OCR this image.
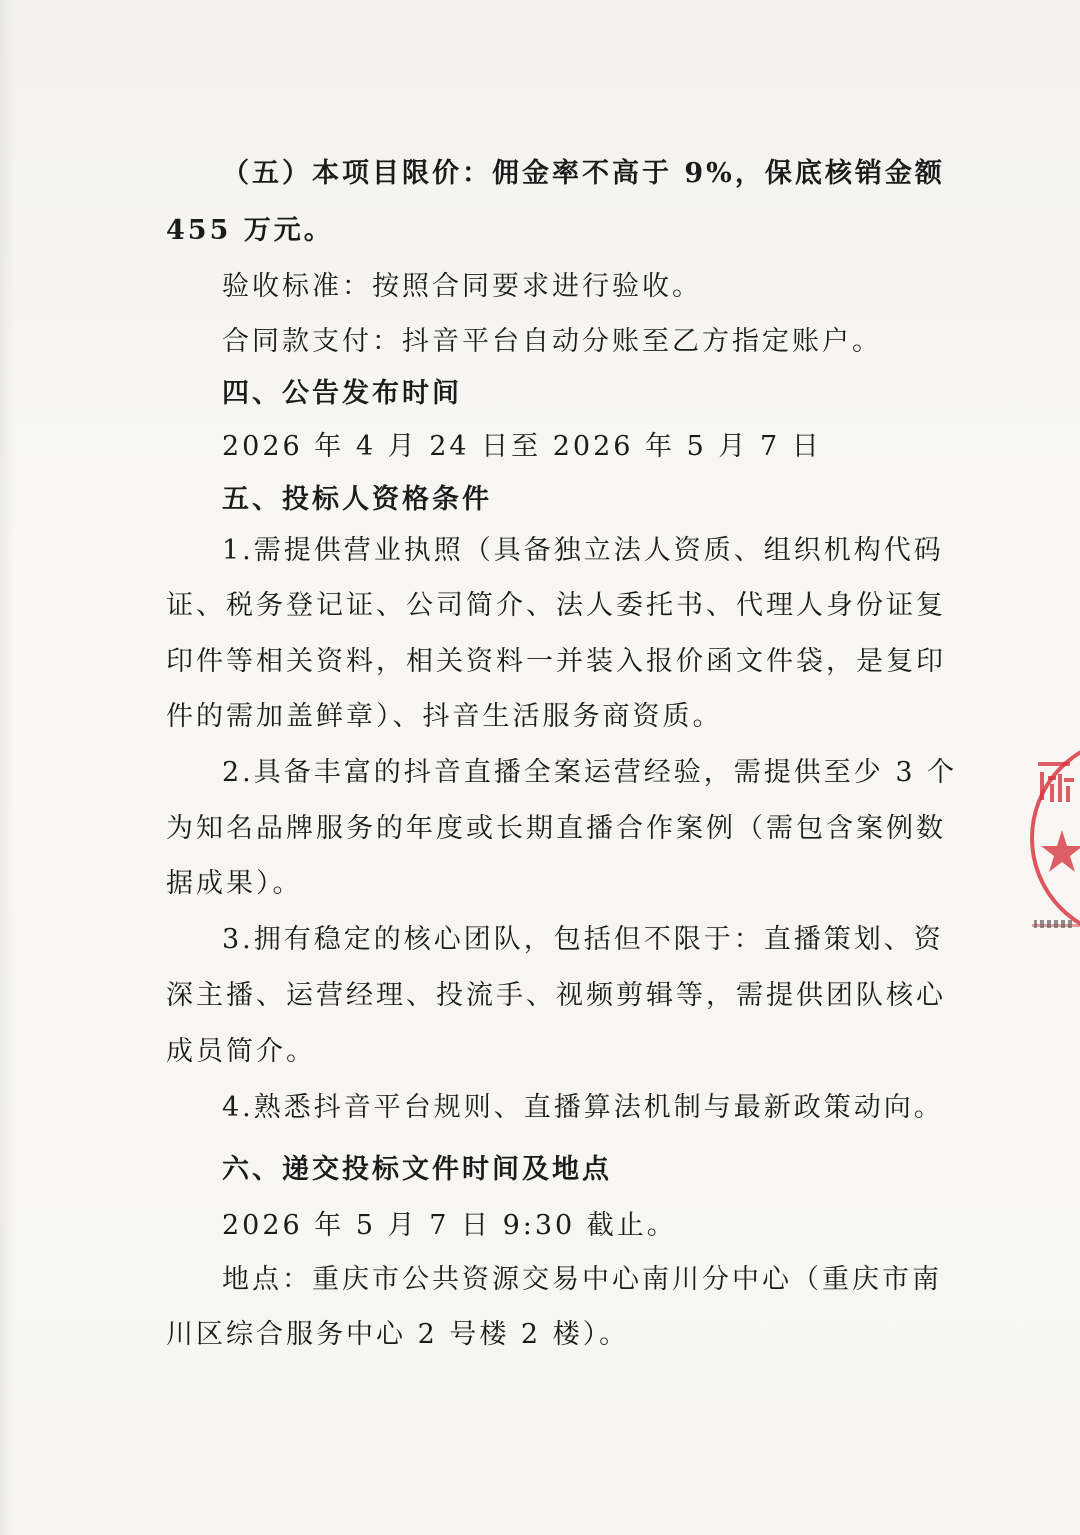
（五）本项目限价：佣金率不高于 9%，保底核销金额
455 万元。
验收标准：按照合同要求进行验收。
合同款支付：抖音平台自动分账至乙方指定账户。
四、公告发布时间
2026 年 4 月 24 日至 2026 年 5 月 7 日
五、投标人资格条件
1.需提供营业执照（具备独立法人资质、组织机构代码
证、税务登记证、公司简介、法人委托书、代理人身份证复
印件等相关资料，相关资料一并装入报价函文件袋，是复印
件的需加盖鲜章）、抖音生活服务商资质。
2.具备丰富的抖音直播全案运营经验，需提供至少 3 个
为知名品牌服务的年度或长期直播合作案例（需包含案例数
据成果）。
3.拥有稳定的核心团队，包括但不限于：直播策划、资
深主播、运营经理、投流手、视频剪辑等，需提供团队核心
成员简介。
4.熟悉抖音平台规则、直播算法机制与最新政策动向。
六、递交投标文件时间及地点
2026 年 5 月 7 日 9:30 截止。
地点：重庆市公共资源交易中心南川分中心（重庆市南
川区综合服务中心 2 号楼 2 楼）。
